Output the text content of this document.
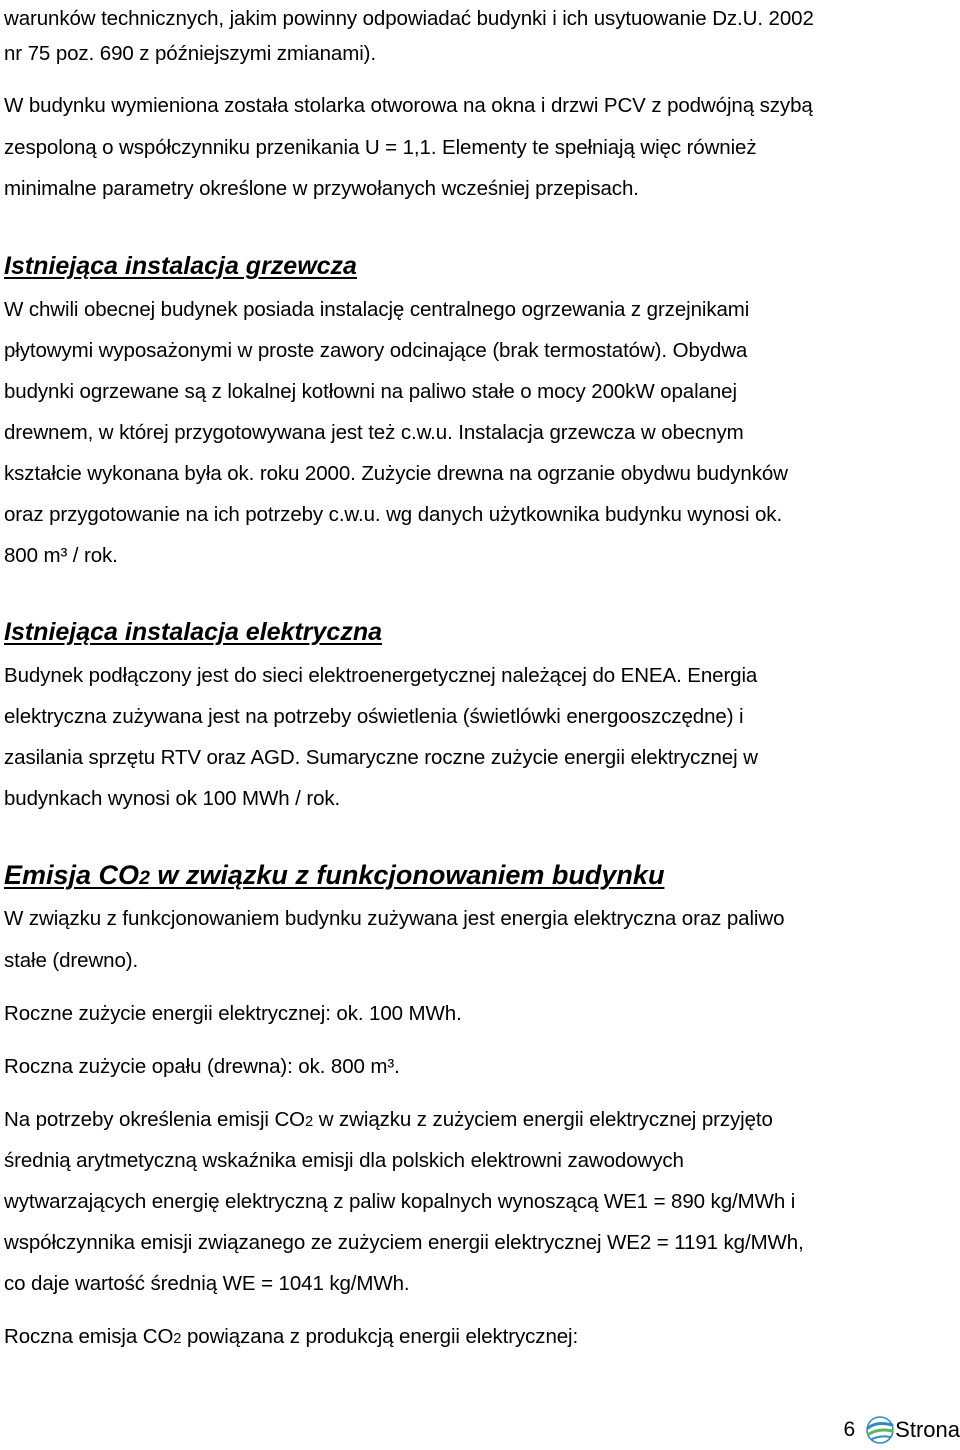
warunków technicznych, jakim powinny odpowiadać budynki i ich usytuowanie Dz.U. 2002

nr 75 poz. 690 z późniejszymi zmianami).

W budynku wymieniona została stolarka otworowa na okna i drzwi PCV z podwójną szybą

zespoloną o współczynniku przenikania U = 1,1. Elementy te spełniają więc również

minimalne parametry określone w przywołanych wcześniej przepisach.

Istniejąca instalacja grzewcza

W chwili obecnej budynek posiada instalację centralnego ogrzewania z grzejnikami

płytowymi wyposażonymi w proste zawory odcinające (brak termostatów). Obydwa

budynki ogrzewane są z lokalnej kotłowni na paliwo stałe o mocy 200kW opalanej

drewnem, w której przygotowywana jest też c.w.u. Instalacja grzewcza w obecnym

kształcie wykonana była ok. roku 2000. Zużycie drewna na ogrzanie obydwu budynków

oraz przygotowanie na ich potrzeby c.w.u. wg danych użytkownika budynku wynosi ok.

800 m³ / rok.

Istniejąca instalacja elektryczna

Budynek podłączony jest do sieci elektroenergetycznej należącej do ENEA. Energia

elektryczna zużywana jest na potrzeby oświetlenia (świetlówki energooszczędne) i

zasilania sprzętu RTV oraz AGD. Sumaryczne roczne zużycie energii elektrycznej w

budynkach wynosi ok 100 MWh / rok.

Emisja CO2 w związku z funkcjonowaniem budynku

W związku z funkcjonowaniem budynku zużywana jest energia elektryczna oraz paliwo

stałe (drewno).

Roczne zużycie energii elektrycznej: ok. 100 MWh.

Roczna zużycie opału (drewna): ok. 800 m³.

Na potrzeby określenia emisji CO2 w związku z zużyciem energii elektrycznej przyjęto

średnią arytmetyczną wskaźnika emisji dla polskich elektrowni zawodowych

wytwarzających energię elektryczną z paliw kopalnych wynoszącą WE1 = 890 kg/MWh i

współczynnika emisji związanego ze zużyciem energii elektrycznej WE2 = 1191 kg/MWh,

co daje wartość średnią WE = 1041 kg/MWh.

Roczna emisja CO2 powiązana z produkcją energii elektrycznej:

6 Strona
